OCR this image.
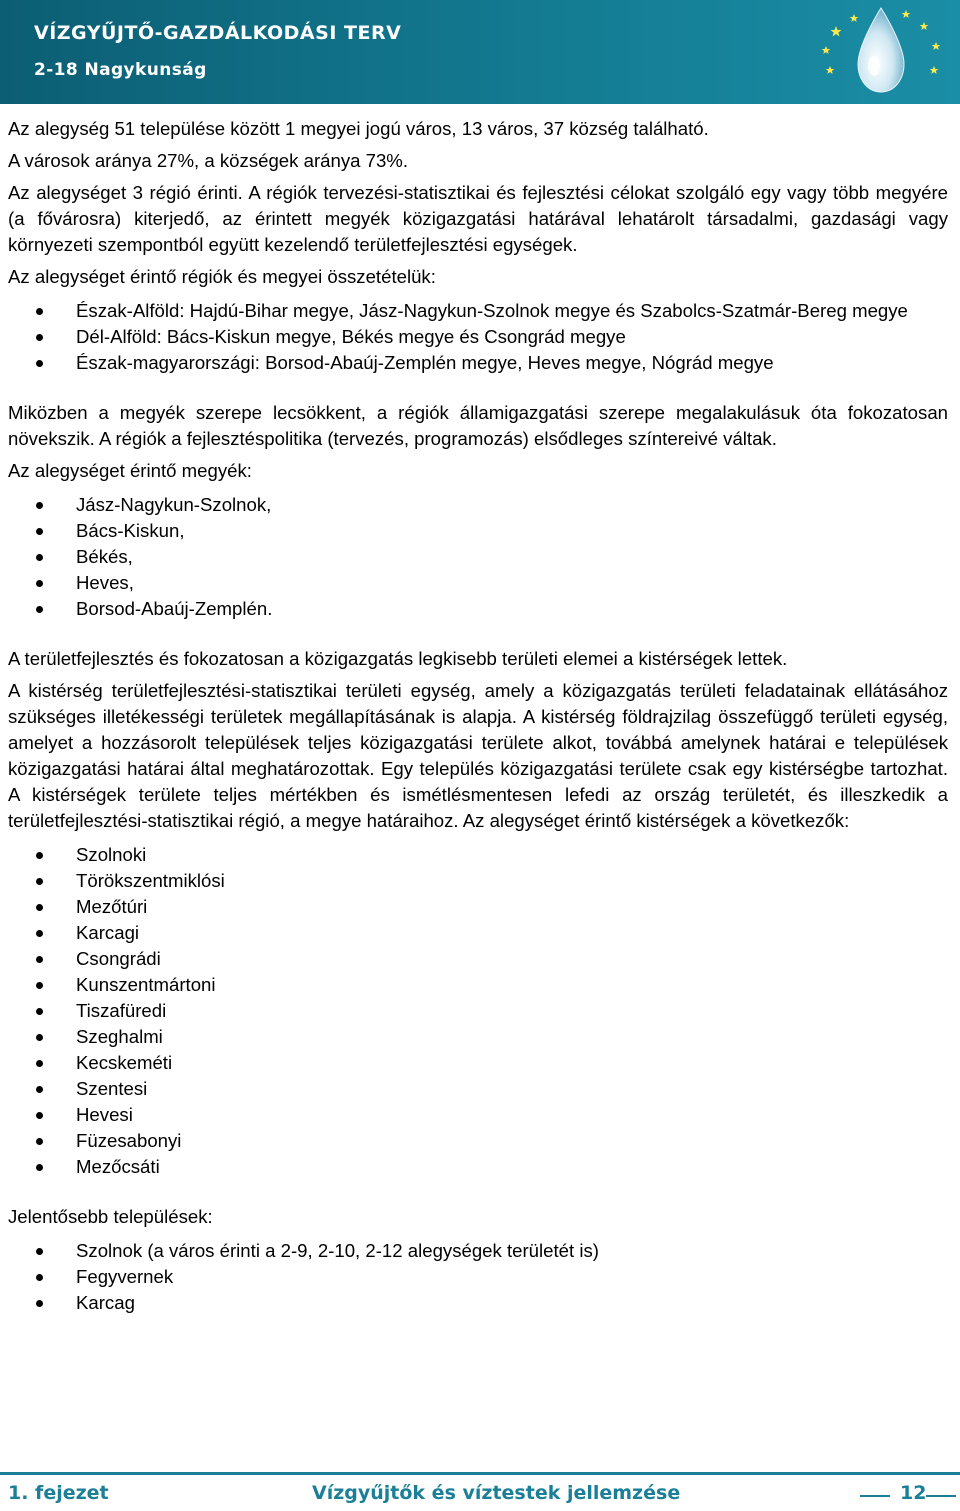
VÍZGYŰJTŐ-GAZDÁLKODÁSI TERV
2-18 Nagykunság

Az alegység 51 települése között 1 megyei jogú város, 13 város, 37 község található.

A városok aránya 27%, a községek aránya 73%.

Az alegységet 3 régió érinti. A régiók tervezési-statisztikai és fejlesztési célokat szolgáló egy vagy több megyére (a fővárosra) kiterjedő, az érintett megyék közigazgatási határával lehatárolt társadalmi, gazdasági vagy környezeti szempontból együtt kezelendő területfejlesztési egységek.

Az alegységet érintő régiók és megyei összetételük:

Észak-Alföld: Hajdú-Bihar megye, Jász-Nagykun-Szolnok megye és Szabolcs-Szatmár-Bereg megye
Dél-Alföld: Bács-Kiskun megye, Békés megye és Csongrád megye
Észak-magyarországi: Borsod-Abaúj-Zemplén megye, Heves megye, Nógrád megye

Miközben a megyék szerepe lecsökkent, a régiók államigazgatási szerepe megalakulásuk óta fokozatosan növekszik. A régiók a fejlesztéspolitika (tervezés, programozás) elsődleges színtereivé váltak.

Az alegységet érintő megyék:

Jász-Nagykun-Szolnok,
Bács-Kiskun,
Békés,
Heves,
Borsod-Abaúj-Zemplén.

A területfejlesztés és fokozatosan a közigazgatás legkisebb területi elemei a kistérségek lettek.

A kistérség területfejlesztési-statisztikai területi egység, amely a közigazgatás területi feladatainak ellátásához szükséges illetékességi területek megállapításának is alapja. A kistérség földrajzilag összefüggő területi egység, amelyet a hozzásorolt települések teljes közigazgatási területe alkot, továbbá amelynek határai e települések közigazgatási határai által meghatározottak. Egy település közigazgatási területe csak egy kistérségbe tartozhat. A kistérségek területe teljes mértékben és ismétlésmentesen lefedi az ország területét, és illeszkedik a területfejlesztési-statisztikai régió, a megye határaihoz. Az alegységet érintő kistérségek a következők:

Szolnoki
Törökszentmiklósi
Mezőtúri
Karcagi
Csongrádi
Kunszentmártoni
Tiszafüredi
Szeghalmi
Kecskeméti
Szentesi
Hevesi
Füzesabonyi
Mezőcsáti

Jelentősebb települések:

Szolnok (a város érinti a 2-9, 2-10, 2-12 alegységek területét is)
Fegyvernek
Karcag
1. fejezet	Vízgyűjtők és víztestek jellemzése	12
